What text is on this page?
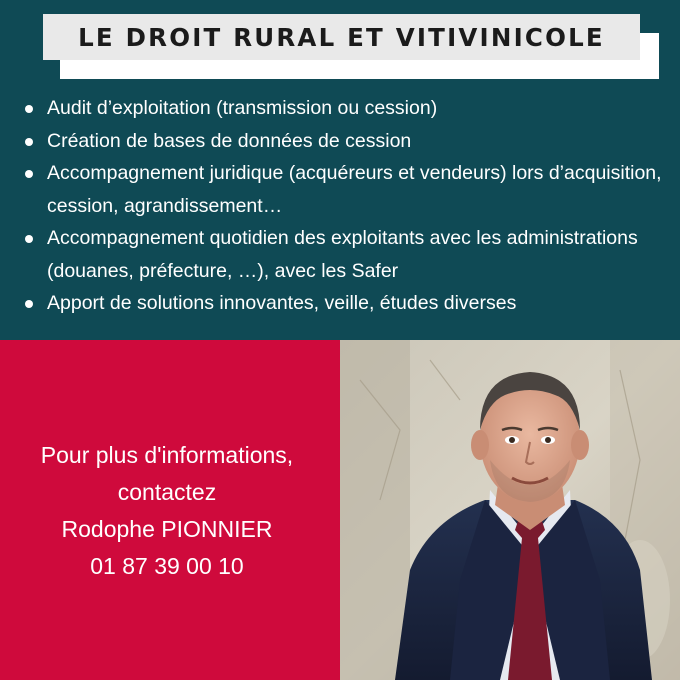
LE DROIT RURAL ET VITIVINICOLE
Audit d’exploitation (transmission ou cession)
Création de bases de données de cession
Accompagnement juridique (acquéreurs et vendeurs) lors d’acquisition, cession, agrandissement…
Accompagnement quotidien des exploitants avec les administrations (douanes, préfecture, …), avec les Safer
Apport de solutions innovantes, veille, études diverses
Pour plus d'informations,
contactez
Rodophe PIONNIER
01 87 39 00 10
